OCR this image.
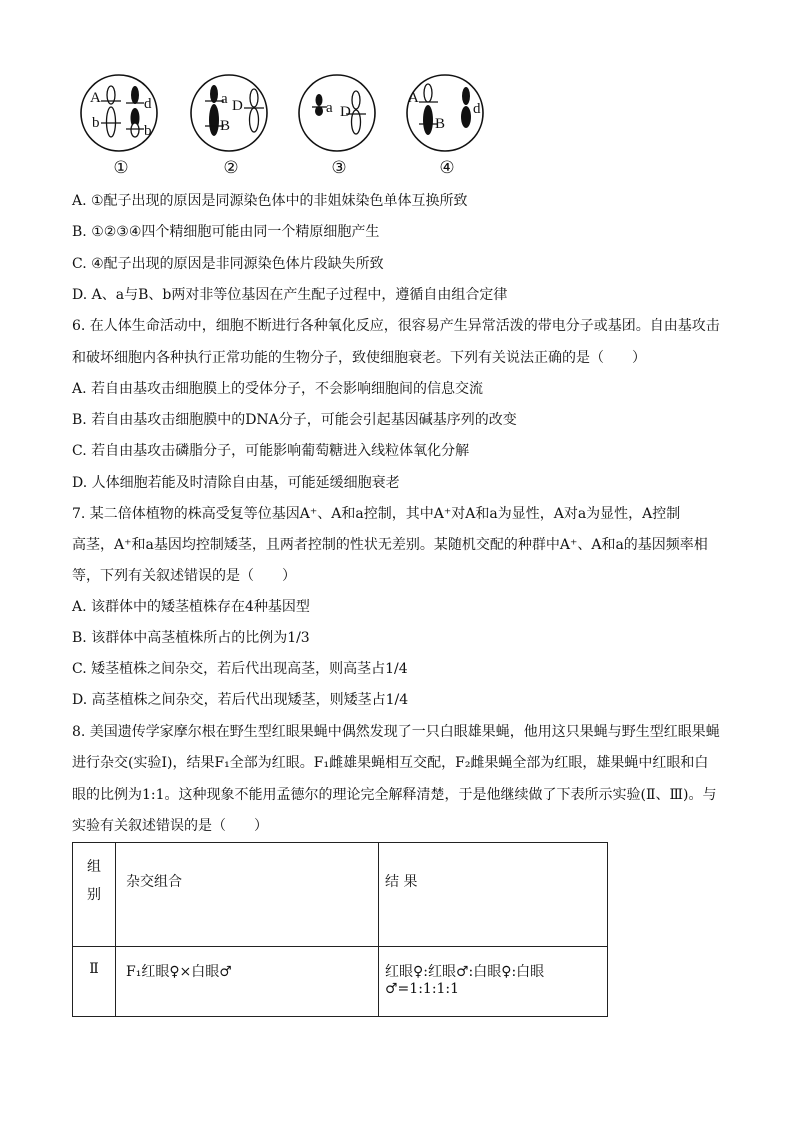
A
b
d
b
①
a D
B
②
a D
③
A
B
d
④
A. ①配子出现的原因是同源染色体中的非姐妹染色单体互换所致
B. ①②③④四个精细胞可能由同一个精原细胞产生
C. ④配子出现的原因是非同源染色体片段缺失所致
D. A、a与B、b两对非等位基因在产生配子过程中，遵循自由组合定律
6. 在人体生命活动中，细胞不断进行各种氧化反应，很容易产生异常活泼的带电分子或基团。自由基攻击
和破坏细胞内各种执行正常功能的生物分子，致使细胞衰老。下列有关说法正确的是（　　）
A. 若自由基攻击细胞膜上的受体分子，不会影响细胞间的信息交流
B. 若自由基攻击细胞膜中的DNA分子，可能会引起基因碱基序列的改变
C. 若自由基攻击磷脂分子，可能影响葡萄糖进入线粒体氧化分解
D. 人体细胞若能及时清除自由基，可能延缓细胞衰老
7. 某二倍体植物的株高受复等位基因A⁺、A和a控制，其中A⁺对A和a为显性，A对a为显性，A控制
高茎，A⁺和a基因均控制矮茎，且两者控制的性状无差别。某随机交配的种群中A⁺、A和a的基因频率相
等，下列有关叙述错误的是（　　）
A. 该群体中的矮茎植株存在4种基因型
B. 该群体中高茎植株所占的比例为1/3
C. 矮茎植株之间杂交，若后代出现高茎，则高茎占1/4
D. 高茎植株之间杂交，若后代出现矮茎，则矮茎占1/4
8. 美国遗传学家摩尔根在野生型红眼果蝇中偶然发现了一只白眼雄果蝇，他用这只果蝇与野生型红眼果蝇
进行杂交(实验Ⅰ)，结果F₁全部为红眼。F₁雌雄果蝇相互交配，F₂雌果蝇全部为红眼，雄果蝇中红眼和白
眼的比例为1:1。这种现象不能用孟德尔的理论完全解释清楚，于是他继续做了下表所示实验(Ⅱ、Ⅲ)。与
实验有关叙述错误的是（　　）
组
别	杂交组合	结 果

Ⅱ	F₁红眼♀×白眼♂	红眼♀:红眼♂:白眼♀:白眼♂=1:1:1:1
